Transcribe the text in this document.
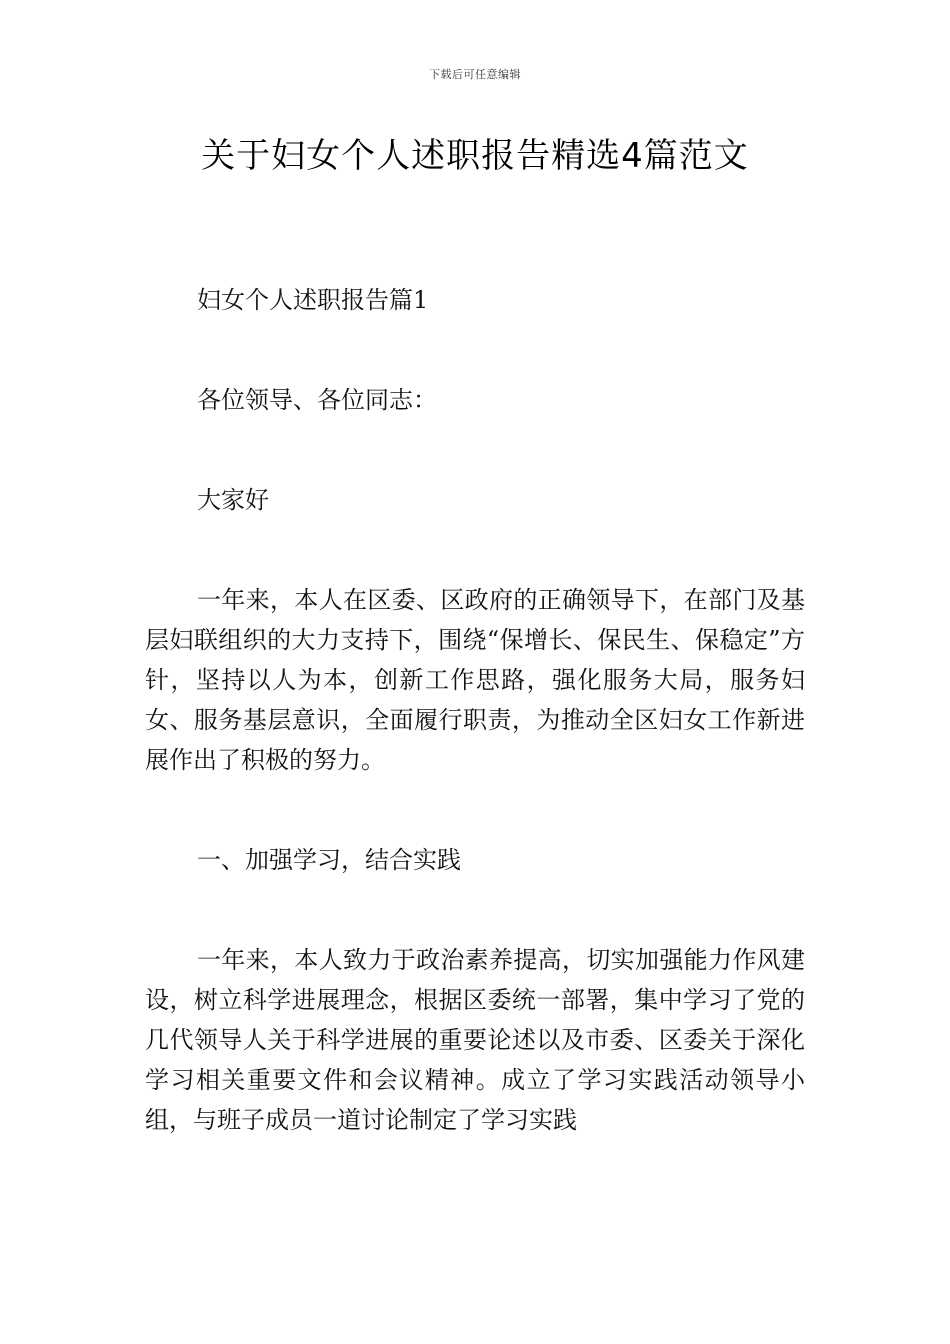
下载后可任意编辑
关于妇女个人述职报告精选4篇范文

妇女个人述职报告篇1

各位领导、各位同志：

大家好

一年来，本人在区委、区政府的正确领导下，在部门及基层妇联组织的大力支持下，围绕“保增长、保民生、保稳定”方针，坚持以人为本，创新工作思路，强化服务大局，服务妇女、服务基层意识，全面履行职责，为推动全区妇女工作新进展作出了积极的努力。

一、加强学习，结合实践

一年来，本人致力于政治素养提高，切实加强能力作风建设，树立科学进展理念，根据区委统一部署，集中学习了党的几代领导人关于科学进展的重要论述以及市委、区委关于深化学习相关重要文件和会议精神。成立了学习实践活动领导小组，与班子成员一道讨论制定了学习实践
